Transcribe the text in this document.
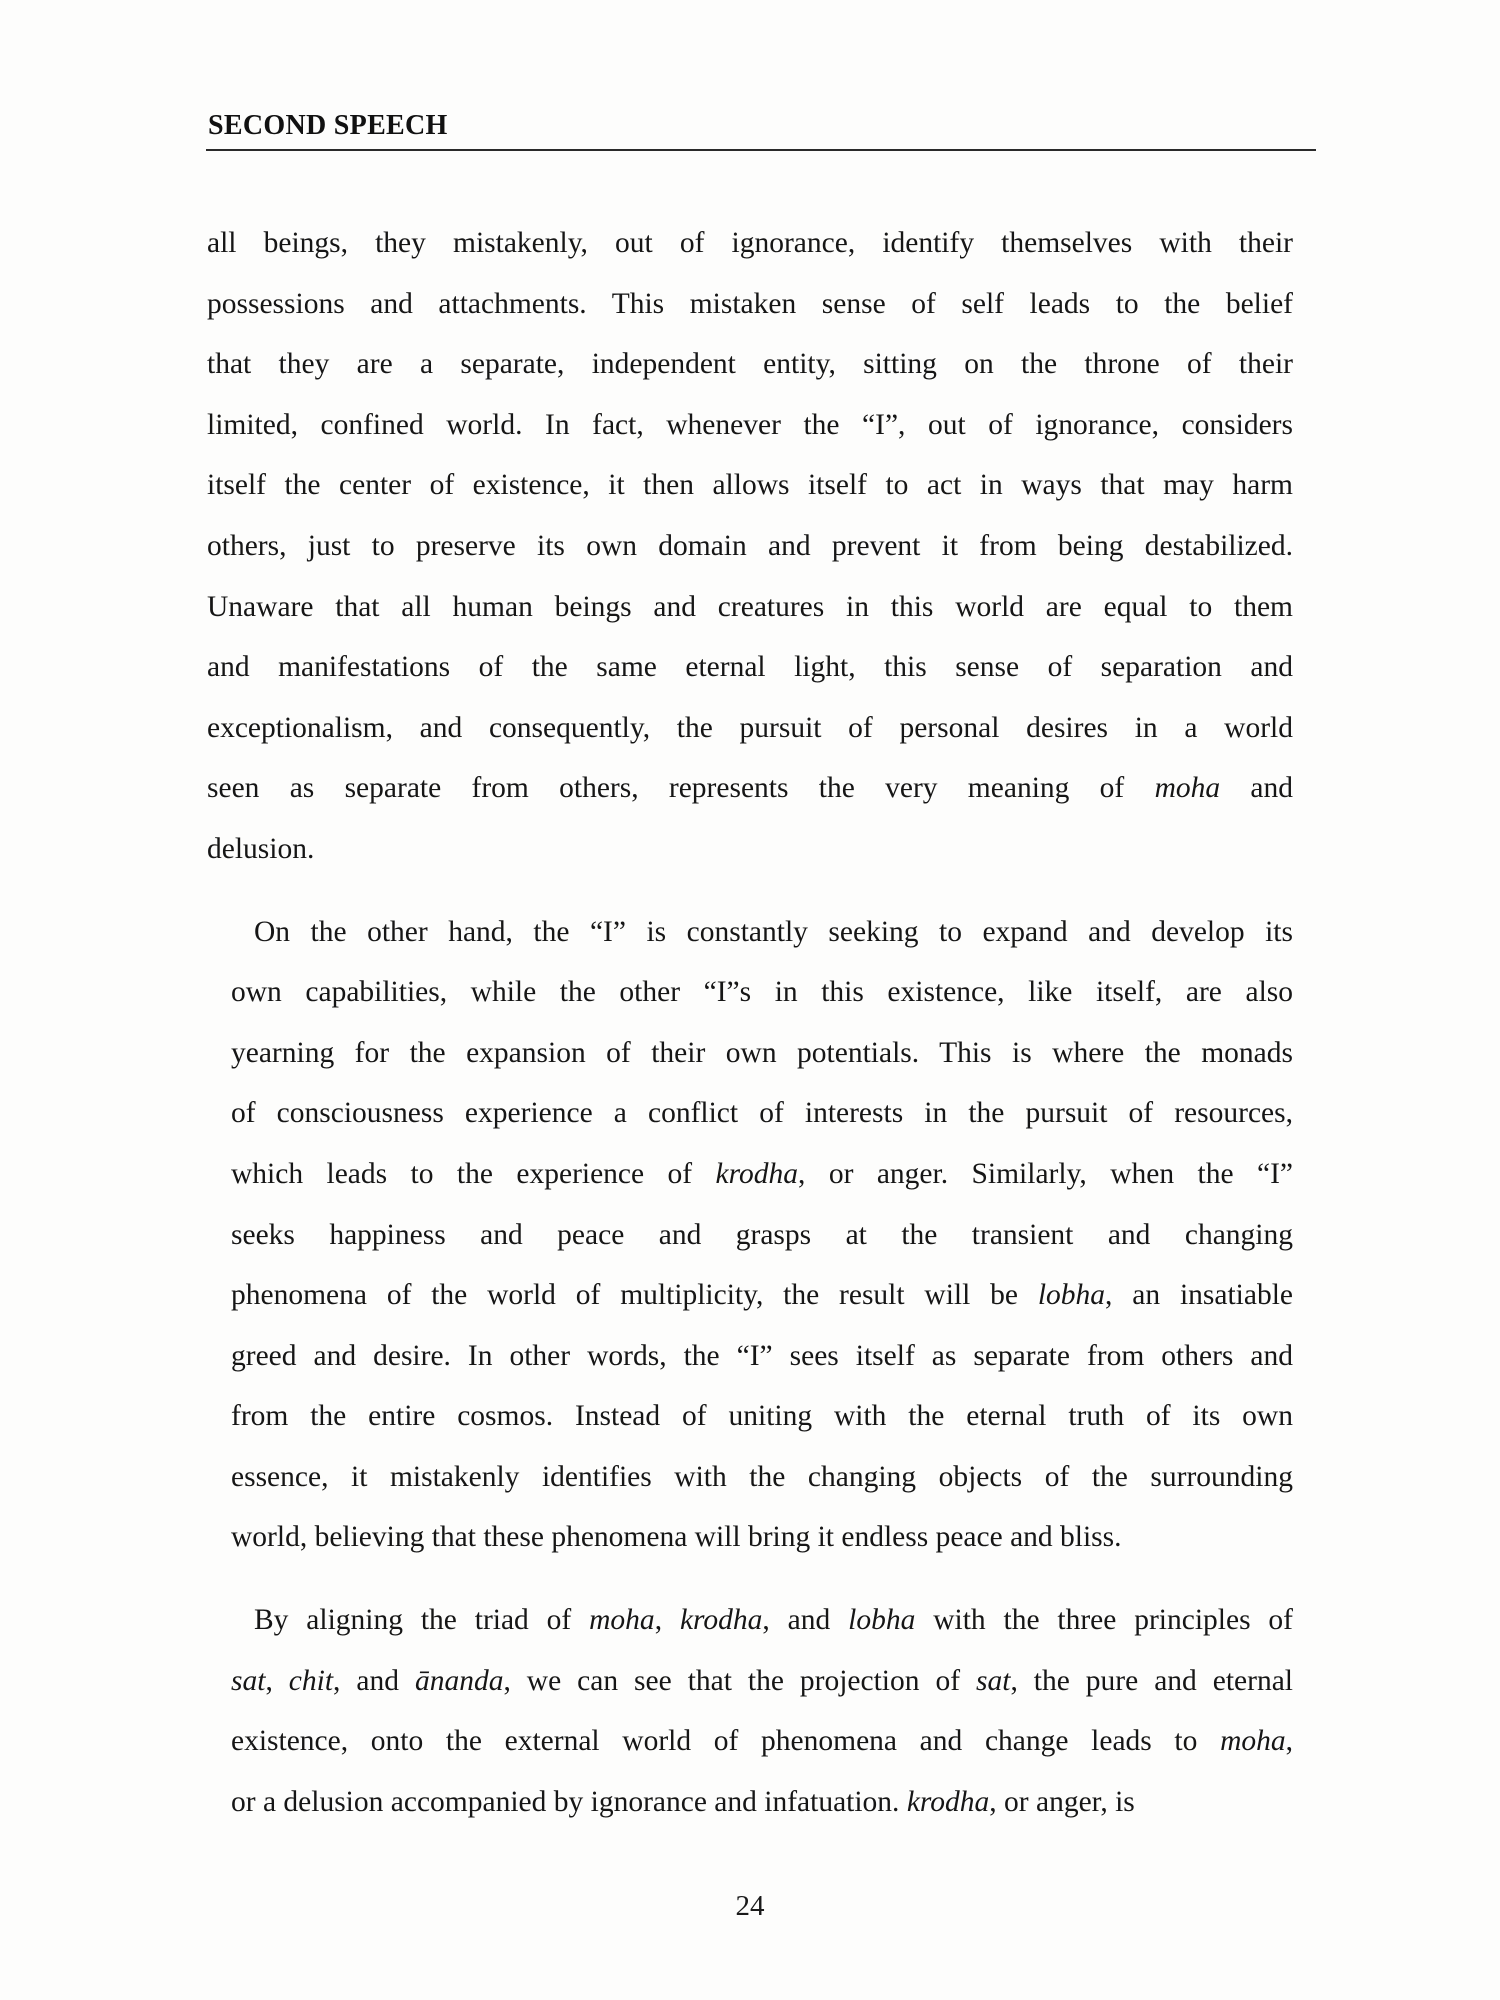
SECOND SPEECH
all beings, they mistakenly, out of ignorance, identify themselves with their
possessions and attachments. This mistaken sense of self leads to the belief
that they are a separate, independent entity, sitting on the throne of their
limited, confined world. In fact, whenever the “I”, out of ignorance, considers
itself the center of existence, it then allows itself to act in ways that may harm
others, just to preserve its own domain and prevent it from being destabilized.
Unaware that all human beings and creatures in this world are equal to them
and manifestations of the same eternal light, this sense of separation and
exceptionalism, and consequently, the pursuit of personal desires in a world
seen as separate from others, represents the very meaning of moha and
delusion.
On the other hand, the “I” is constantly seeking to expand and develop its
own capabilities, while the other “I”s in this existence, like itself, are also
yearning for the expansion of their own potentials. This is where the monads
of consciousness experience a conflict of interests in the pursuit of resources,
which leads to the experience of krodha, or anger. Similarly, when the “I”
seeks happiness and peace and grasps at the transient and changing
phenomena of the world of multiplicity, the result will be lobha, an insatiable
greed and desire. In other words, the “I” sees itself as separate from others and
from the entire cosmos. Instead of uniting with the eternal truth of its own
essence, it mistakenly identifies with the changing objects of the surrounding
world, believing that these phenomena will bring it endless peace and bliss.
By aligning the triad of moha, krodha, and lobha with the three principles of
sat, chit, and ānanda, we can see that the projection of sat, the pure and eternal
existence, onto the external world of phenomena and change leads to moha,
or a delusion accompanied by ignorance and infatuation. krodha, or anger, is
24
